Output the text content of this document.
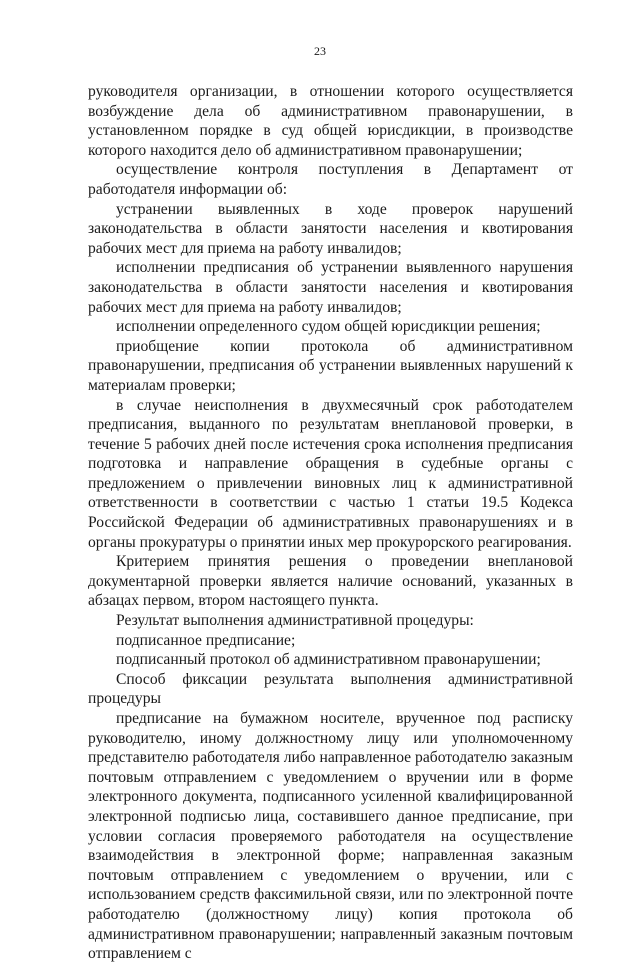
23

руководителя организации, в отношении которого осуществляется возбуждение дела об административном правонарушении, в установленном порядке в суд общей юрисдикции, в производстве которого находится дело об административном правонарушении;

осуществление контроля поступления в Департамент от работодателя информации об:

устранении выявленных в ходе проверок нарушений законодательства в области занятости населения и квотирования рабочих мест для приема на работу инвалидов;

исполнении предписания об устранении выявленного нарушения законодательства в области занятости населения и квотирования рабочих мест для приема на работу инвалидов;

исполнении определенного судом общей юрисдикции решения;

приобщение копии протокола об административном правонарушении, предписания об устранении выявленных нарушений к материалам проверки;

в случае неисполнения в двухмесячный срок работодателем предписания, выданного по результатам внеплановой проверки, в течение 5 рабочих дней после истечения срока исполнения предписания подготовка и направление обращения в судебные органы с предложением о привлечении виновных лиц к административной ответственности в соответствии с частью 1 статьи 19.5 Кодекса Российской Федерации об административных правонарушениях и в органы прокуратуры о принятии иных мер прокурорского реагирования.

Критерием принятия решения о проведении внеплановой документарной проверки является наличие оснований, указанных в абзацах первом, втором настоящего пункта.

Результат выполнения административной процедуры:

подписанное предписание;

подписанный протокол об административном правонарушении;

Способ фиксации результата выполнения административной процедуры

предписание на бумажном носителе, врученное под расписку руководителю, иному должностному лицу или уполномоченному представителю работодателя либо направленное работодателю заказным почтовым отправлением с уведомлением о вручении или в форме электронного документа, подписанного усиленной квалифицированной электронной подписью лица, составившего данное предписание, при условии согласия проверяемого работодателя на осуществление взаимодействия в электронной форме; направленная заказным почтовым отправлением с уведомлением о вручении, или с использованием средств факсимильной связи, или по электронной почте работодателю (должностному лицу) копия протокола об административном правонарушении; направленный заказным почтовым отправлением с
